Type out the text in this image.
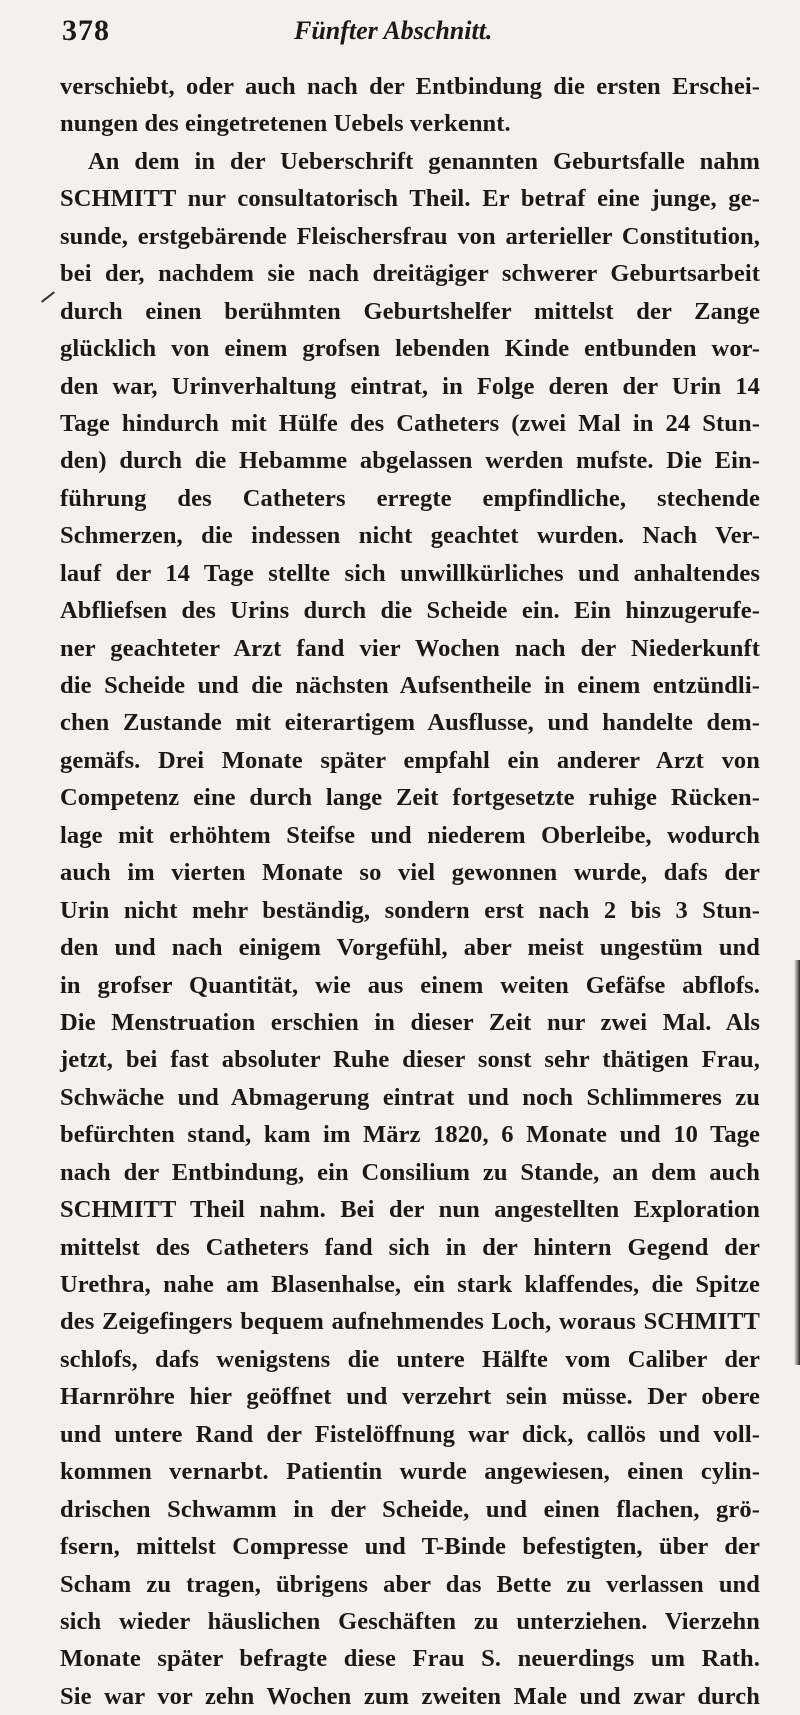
378	Fünfter Abschnitt.
verschiebt, oder auch nach der Entbindung die ersten Erschei-
nungen des eingetretenen Uebels verkennt.
An dem in der Ueberschrift genannten Geburtsfalle nahm
SCHMITT nur consultatorisch Theil. Er betraf eine junge, ge-
sunde, erstgebärende Fleischersfrau von arterieller Constitution,
bei der, nachdem sie nach dreitägiger schwerer Geburtsarbeit
durch einen berühmten Geburtshelfer mittelst der Zange
glücklich von einem grofsen lebenden Kinde entbunden wor-
den war, Urinverhaltung eintrat, in Folge deren der Urin 14
Tage hindurch mit Hülfe des Catheters (zwei Mal in 24 Stun-
den) durch die Hebamme abgelassen werden mufste. Die Ein-
führung des Catheters erregte empfindliche, stechende
Schmerzen, die indessen nicht geachtet wurden. Nach Ver-
lauf der 14 Tage stellte sich unwillkürliches und anhaltendes
Abfliefsen des Urins durch die Scheide ein. Ein hinzugerufe-
ner geachteter Arzt fand vier Wochen nach der Niederkunft
die Scheide und die nächsten Aufsentheile in einem entzündli-
chen Zustande mit eiterartigem Ausflusse, und handelte dem-
gemäfs. Drei Monate später empfahl ein anderer Arzt von
Competenz eine durch lange Zeit fortgesetzte ruhige Rücken-
lage mit erhöhtem Steifse und niederem Oberleibe, wodurch
auch im vierten Monate so viel gewonnen wurde, dafs der
Urin nicht mehr beständig, sondern erst nach 2 bis 3 Stun-
den und nach einigem Vorgefühl, aber meist ungestüm und
in grofser Quantität, wie aus einem weiten Gefäfse abflofs.
Die Menstruation erschien in dieser Zeit nur zwei Mal. Als
jetzt, bei fast absoluter Ruhe dieser sonst sehr thätigen Frau,
Schwäche und Abmagerung eintrat und noch Schlimmeres zu
befürchten stand, kam im März 1820, 6 Monate und 10 Tage
nach der Entbindung, ein Consilium zu Stande, an dem auch
SCHMITT Theil nahm. Bei der nun angestellten Exploration
mittelst des Catheters fand sich in der hintern Gegend der
Urethra, nahe am Blasenhalse, ein stark klaffendes, die Spitze
des Zeigefingers bequem aufnehmendes Loch, woraus SCHMITT
schlofs, dafs wenigstens die untere Hälfte vom Caliber der
Harnröhre hier geöffnet und verzehrt sein müsse. Der obere
und untere Rand der Fistelöffnung war dick, callös und voll-
kommen vernarbt. Patientin wurde angewiesen, einen cylin-
drischen Schwamm in der Scheide, und einen flachen, grö-
fsern, mittelst Compresse und T-Binde befestigten, über der
Scham zu tragen, übrigens aber das Bette zu verlassen und
sich wieder häuslichen Geschäften zu unterziehen. Vierzehn
Monate später befragte diese Frau S. neuerdings um Rath.
Sie war vor zehn Wochen zum zweiten Male und zwar durch
